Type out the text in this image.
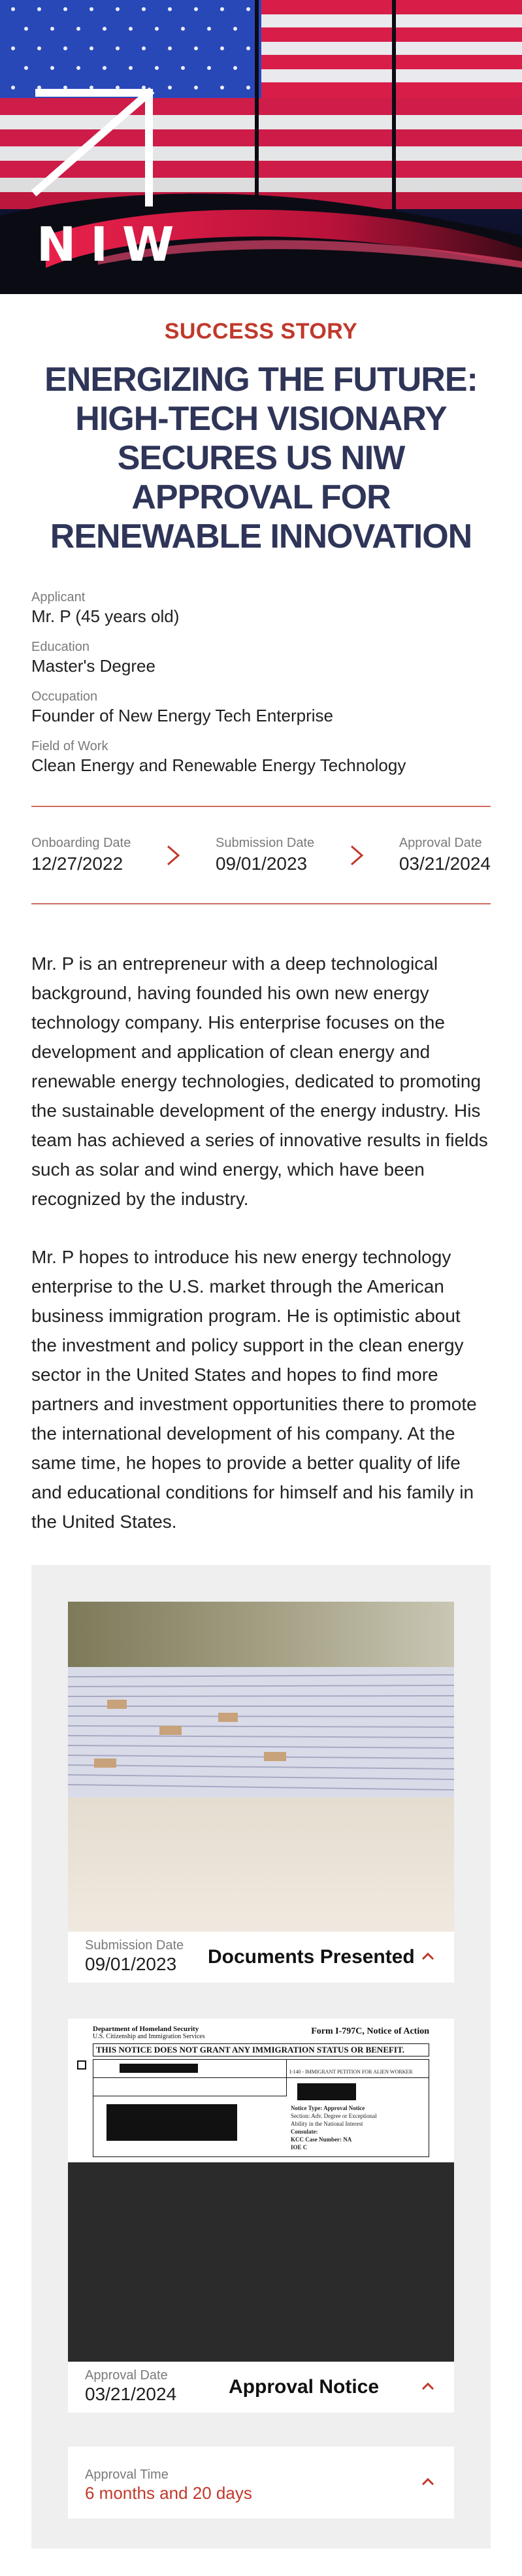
NIW
SUCCESS STORY
ENERGIZING THE FUTURE: HIGH-TECH VISIONARY SECURES US NIW APPROVAL FOR RENEWABLE INNOVATION
Applicant
Mr. P (45 years old)
Education
Master's Degree
Occupation
Founder of New Energy Tech Enterprise
Field of Work
Clean Energy and Renewable Energy Technology
Onboarding Date
12/27/2022
Submission Date
09/01/2023
Approval Date
03/21/2024

Mr. P is an entrepreneur with a deep technological background, having founded his own new energy technology company. His enterprise focuses on the development and application of clean energy and renewable energy technologies, dedicated to promoting the sustainable development of the energy industry. His team has achieved a series of innovative results in fields such as solar and wind energy, which have been recognized by the industry.

Mr. P hopes to introduce his new energy technology enterprise to the U.S. market through the American business immigration program. He is optimistic about the investment and policy support in the clean energy sector in the United States and hopes to find more partners and investment opportunities there to promote the international development of his company. At the same time, he hopes to provide a better quality of life and educational conditions for himself and his family in the United States.

Submission Date
09/01/2023 Documents Presented
Department of Homeland Security
U.S. Citizenship and Immigration Services
Form I-797C, Notice of Action
THIS NOTICE DOES NOT GRANT ANY IMMIGRATION STATUS OR BENEFIT.
I-140 - IMMIGRANT PETITION FOR ALIEN WORKER
Notice Type: Approval Notice
Section: Adv. Degree or Exceptional
Ability in the National Interest
Consulate:
KCC Case Number: NA
IOE C
Approval Date
03/21/2024	Approval Notice
Approval Time
6 months and 20 days
